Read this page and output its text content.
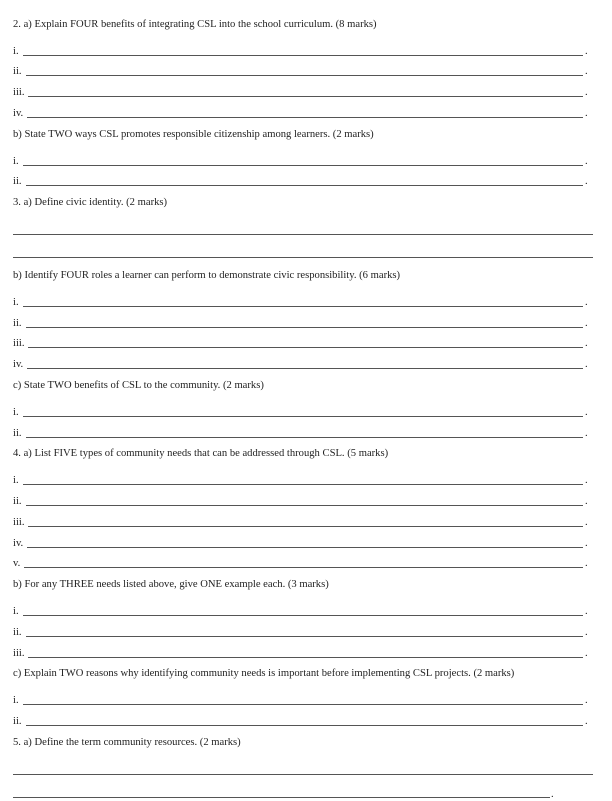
2. a) Explain FOUR benefits of integrating CSL into the school curriculum. (8 marks)
i.	.
ii.	.
iii.	.
iv.	.
b) State TWO ways CSL promotes responsible citizenship among learners. (2 marks)
i.	.
ii.	.
3. a) Define civic identity. (2 marks)
b) Identify FOUR roles a learner can perform to demonstrate civic responsibility. (6 marks)
i.	.
ii.	.
iii.	.
iv.	.
c) State TWO benefits of CSL to the community. (2 marks)
i.	.
ii.	.
4. a) List FIVE types of community needs that can be addressed through CSL. (5 marks)
i.	.
ii.	.
iii.	.
iv.	.
v.	.
b) For any THREE needs listed above, give ONE example each. (3 marks)
i.	.
ii.	.
iii.	.
c) Explain TWO reasons why identifying community needs is important before implementing CSL projects. (2 marks)
i.	.
ii.	.
5. a) Define the term community resources. (2 marks)
.
